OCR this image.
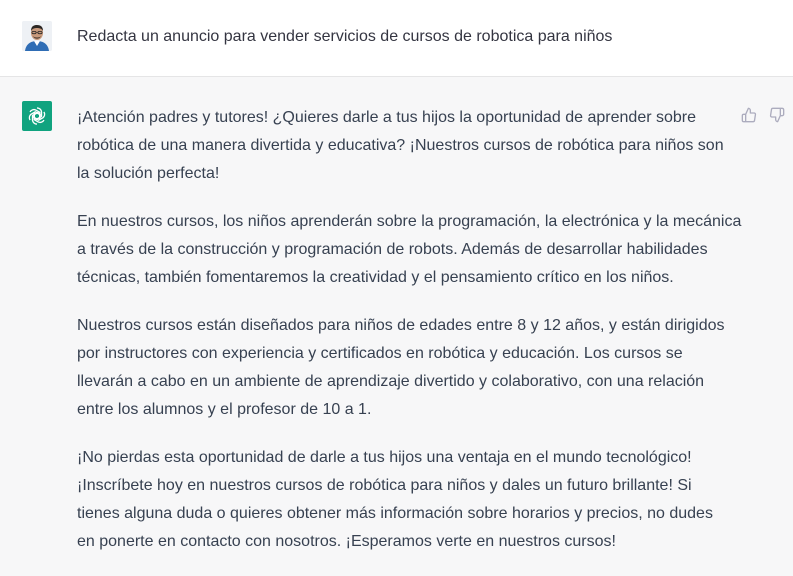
Redacta un anuncio para vender servicios de cursos de robotica para niños

¡Atención padres y tutores! ¿Quieres darle a tus hijos la oportunidad de aprender sobre
robótica de una manera divertida y educativa? ¡Nuestros cursos de robótica para niños son
la solución perfecta!

En nuestros cursos, los niños aprenderán sobre la programación, la electrónica y la mecánica
a través de la construcción y programación de robots. Además de desarrollar habilidades
técnicas, también fomentaremos la creatividad y el pensamiento crítico en los niños.

Nuestros cursos están diseñados para niños de edades entre 8 y 12 años, y están dirigidos
por instructores con experiencia y certificados en robótica y educación. Los cursos se
llevarán a cabo en un ambiente de aprendizaje divertido y colaborativo, con una relación
entre los alumnos y el profesor de 10 a 1.

¡No pierdas esta oportunidad de darle a tus hijos una ventaja en el mundo tecnológico!
¡Inscríbete hoy en nuestros cursos de robótica para niños y dales un futuro brillante! Si
tienes alguna duda o quieres obtener más información sobre horarios y precios, no dudes
en ponerte en contacto con nosotros. ¡Esperamos verte en nuestros cursos!
